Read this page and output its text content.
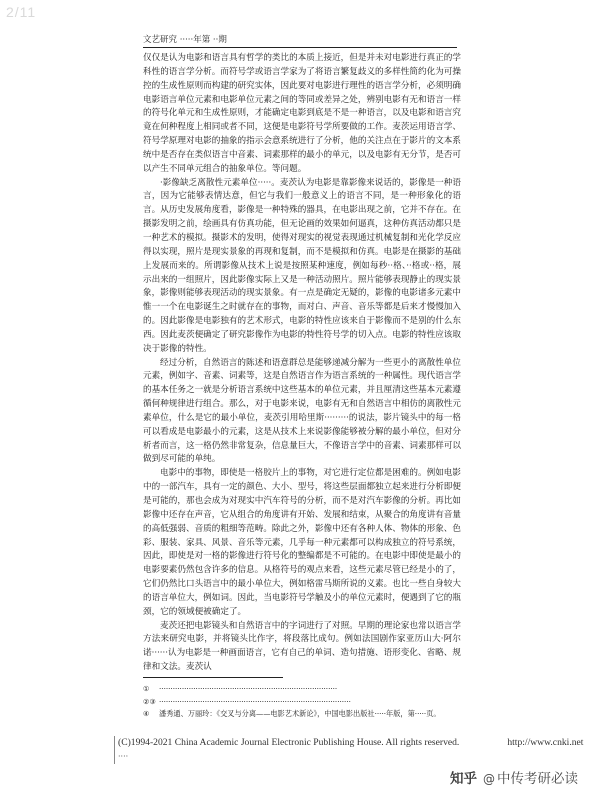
2/11
文艺研究 ·····年第 ··期

仅仅是认为电影和语言具有哲学的类比的本质上接近，但是并未对电影进行真正的学科性的语言学分析。而符号学或语言学家为了将语言繁复歧义的多样性简约化为可操控的生成性原则而构建的研究实体，因此要对电影进行理性的语言学分析，必须明确电影语言单位元素和电影单位元素之间的等同或差异之处，辨别电影有无和语言一样的符号化单元和生成性原则，才能确定电影到底是不是一种语言，以及电影和语言究竟在何种程度上相同或者不同，这便是电影符号学所要做的工作。麦茨运用语言学、符号学原理对电影的抽象的指示会意系统进行了分析，他的关注点在于影片的文本系统中是否存在类似语言中音素、词素那样的最小的单元，以及电影有无分节，是否可以产生不同单元组合的抽象单位。等问题。

·影像缺乏离散性元素单位·····。麦茨认为电影是靠影像来说话的，影像是一种语言，因为它能够表情达意，但它与我们一般意义上的语言不同，是一种形象化的语言。从历史发展角度看，影像是一种特殊的器具，在电影出现之前，它并不存在。在摄影发明之前，绘画具有仿真功能，但无论画的效果如何逼真，这种仿真活动都只是一种艺术的模拟。摄影术的发明，使得对现实的视觉表现通过机械复制和光化学反应得以实现，照片是现实景象的再现和复制，而不是模拟和仿真。电影是在摄影的基础上发展而来的。所谓影像从技术上说是按照某种速度，例如每秒··格、··格或··格，展示出来的一组照片，因此影像实际上又是一种活动照片。照片能够表现静止的现实景象，影像则能够表现活动的现实景象。有一点是确定无疑的，影像的电影诸多元素中惟一一个在电影诞生之时就存在的事物，而对白、声音、音乐等都是后来才慢慢加入的。因此影像是电影独有的艺术形式，电影的特性应该来自于影像而不是别的什么东西。因此麦茨便确定了研究影像作为电影的特性符号学的切入点。电影的特性应该取决于影像的特性。

经过分析，自然语言的陈述和语意群总是能够递减分解为一些更小的离散性单位元素，例如字、音素、词素等，这是自然语言作为语言系统的一种属性。现代语言学的基本任务之一就是分析语言系统中这些基本的单位元素，并且厘清这些基本元素遵循何种规律进行组合。那么，对于电影来说，电影有无和自然语言中相仿的离散性元素单位，什么是它的最小单位，麦茨引用哈里斯·········的说法，影片镜头中的每一格可以看成是电影最小的元素，这是从技术上来说影像能够被分解的最小单位，但对分析者而言，这一格仍然非常复杂，信息量巨大，不像语言学中的音素、词素那样可以做到尽可能的单纯。

电影中的事物，即使是一格胶片上的事物，对它进行定位都是困难的。例如电影中的一部汽车，具有一定的颜色、大小、型号，将这些层面都独立起来进行分析即便是可能的，那也会成为对现实中汽车符号的分析，而不是对汽车影像的分析。再比如影像中还存在声音，它从组合的角度讲有开始、发展和结束，从聚合的角度讲有音量的高低强弱、音质的粗细等范畴。除此之外，影像中还有各种人体、物体的形象、色彩、服装、家具、风景、音乐等元素，几乎每一种元素都可以构成独立的符号系统，因此，即使是对一格的影像进行符号化的整编都是不可能的。在电影中即使是最小的电影要素仍然包含许多的信息。从格符号的观点来看，这些元素尽管已经是小的了，它们仍然比口头语言中的最小单位大，例如格雷马斯所说的义素。也比一些自身较大的语言单位大，例如词。因此，当电影符号学触及小的单位元素时，便遇到了它的瓶颈，它的领域便被确定了。

麦茨还把电影镜头和自然语言中的字词进行了对照。早期的理论家也常以语言学方法来研究电影，并将镜头比作字，将段落比成句。例如法国剧作家亚历山大·阿尔诺······认为电影是一种画面语言，它有自己的单词、造句措施、语形变化、省略、规律和文法。麦茨认

① ··············································································
②③ ····················································································
④ 潘秀通、万丽玲：《交叉与分离——电影艺术新论》，中国电影出版社·····年版，第·····页。
(C)1994-2021 China Academic Journal Electronic Publishing House. All rights reserved.	http://www.cnki.net
····
知乎 @ 中传考研必读
